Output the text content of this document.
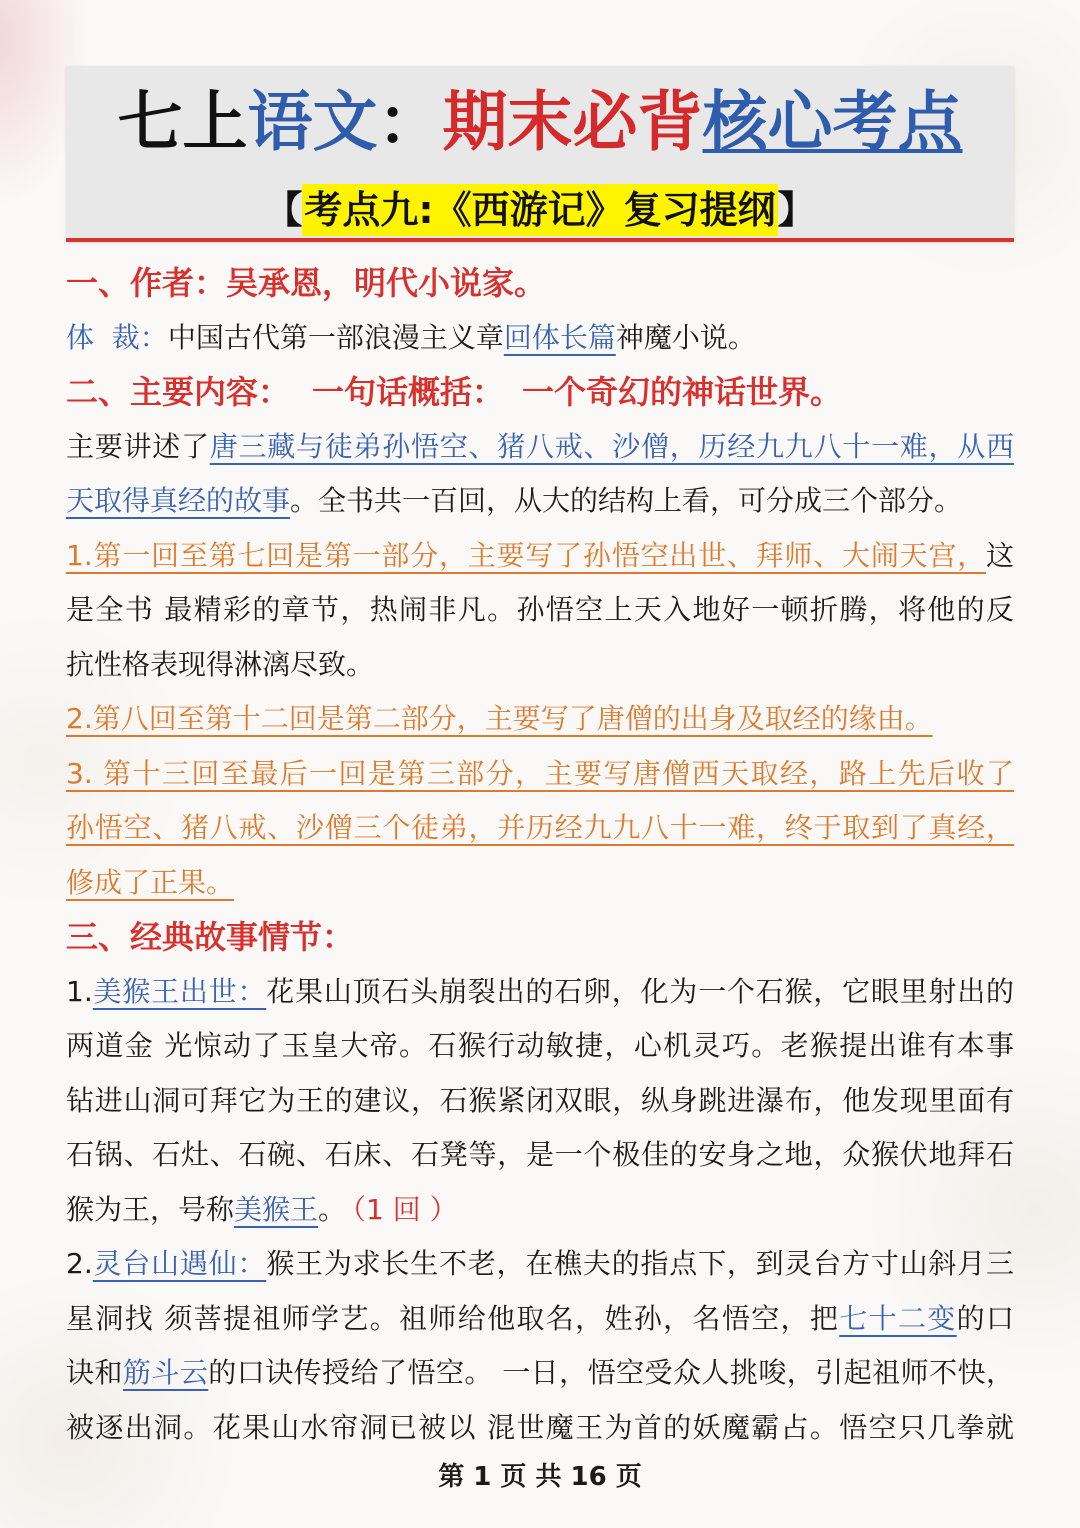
七上语文：期末必背核心考点
【考点九:《西游记》复习提纲】
一、作者：吴承恩，明代小说家。
体  裁：中国古代第一部浪漫主义章回体长篇神魔小说。
二、主要内容： 一句话概括： 一个奇幻的神话世界。
主要讲述了唐三藏与徒弟孙悟空、猪八戒、沙僧，历经九九八十一难，从西
天取得真经的故事。全书共一百回，从大的结构上看，可分成三个部分。
1.第一回至第七回是第一部分，主要写了孙悟空出世、拜师、大闹天宫，这
是全书 最精彩的章节，热闹非凡。孙悟空上天入地好一顿折腾，将他的反
抗性格表现得淋漓尽致。
2.第八回至第十二回是第二部分，主要写了唐僧的出身及取经的缘由。
3. 第十三回至最后一回是第三部分，主要写唐僧西天取经，路上先后收了
孙悟空、猪八戒、沙僧三个徒弟，并历经九九八十一难，终于取到了真经，
修成了正果。
三、经典故事情节：
1.美猴王出世：花果山顶石头崩裂出的石卵，化为一个石猴，它眼里射出的
两道金 光惊动了玉皇大帝。石猴行动敏捷，心机灵巧。老猴提出谁有本事
钻进山洞可拜它为王的建议，石猴紧闭双眼，纵身跳进瀑布，他发现里面有
石锅、石灶、石碗、石床、石凳等，是一个极佳的安身之地，众猴伏地拜石
猴为王，号称美猴王。 （1 回 ）
2.灵台山遇仙：猴王为求长生不老，在樵夫的指点下，到灵台方寸山斜月三
星洞找 须菩提祖师学艺。祖师给他取名，姓孙，名悟空，把七十二变的口
诀和筋斗云的口诀传授给了悟空。 一日，悟空受众人挑唆，引起祖师不快，
被逐出洞。花果山水帘洞已被以 混世魔王为首的妖魔霸占。悟空只几拳就
第 1 页 共 16 页
